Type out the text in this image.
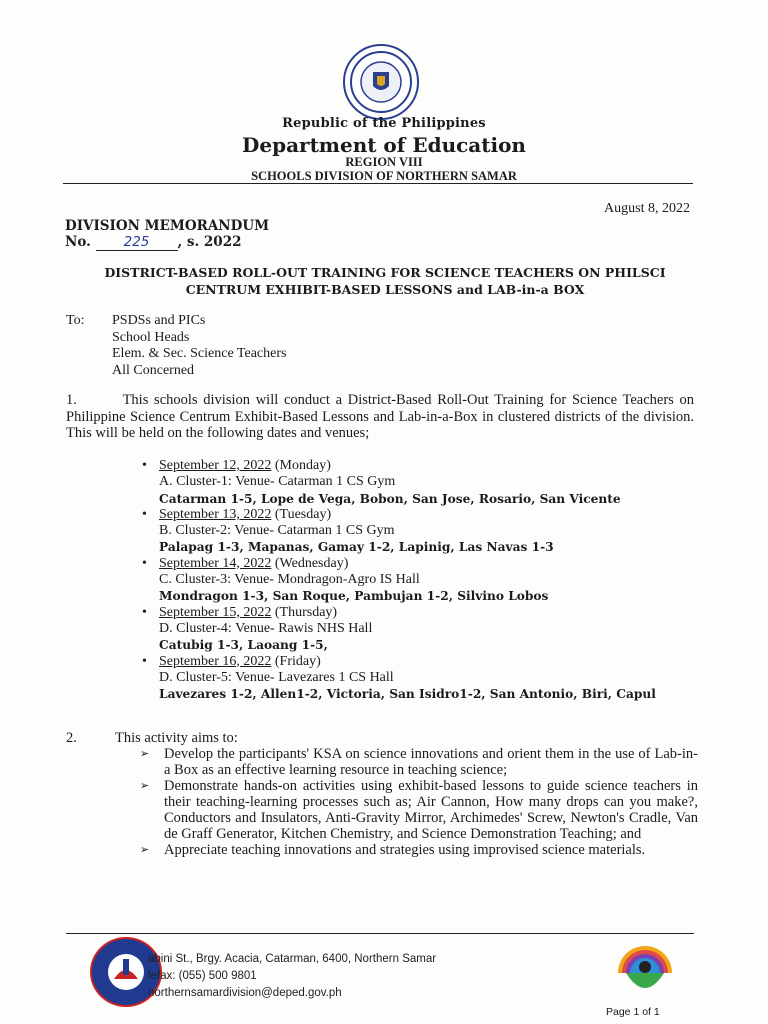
Republic of the Philippines
Department of Education
REGION VIII
SCHOOLS DIVISION OF NORTHERN SAMAR
August 8, 2022
DIVISION MEMORANDUM
No. 225 , s. 2022
DISTRICT-BASED ROLL-OUT TRAINING FOR SCIENCE TEACHERS ON PHILSCI
CENTRUM EXHIBIT-BASED LESSONS and LAB-in-a BOX
To: PSDSs and PICs
School Heads
Elem. & Sec. Science Teachers
All Concerned
1.	This schools division will conduct a District-Based Roll-Out Training for Science Teachers on Philippine Science Centrum Exhibit-Based Lessons and Lab-in-a-Box in clustered districts of the division. This will be held on the following dates and venues;
• September 12, 2022 (Monday)
A. Cluster-1: Venue- Catarman 1 CS Gym
Catarman 1-5, Lope de Vega, Bobon, San Jose, Rosario, San Vicente
• September 13, 2022 (Tuesday)
B. Cluster-2: Venue- Catarman 1 CS Gym
Palapag 1-3, Mapanas, Gamay 1-2, Lapinig, Las Navas 1-3
• September 14, 2022 (Wednesday)
C. Cluster-3: Venue- Mondragon-Agro IS Hall
Mondragon 1-3, San Roque, Pambujan 1-2, Silvino Lobos
• September 15, 2022 (Thursday)
D. Cluster-4: Venue- Rawis NHS Hall
Catubig 1-3, Laoang 1-5,
• September 16, 2022 (Friday)
D. Cluster-5: Venue- Lavezares 1 CS Hall
Lavezares 1-2, Allen1-2, Victoria, San Isidro1-2, San Antonio, Biri, Capul
2.	This activity aims to:
➢ Develop the participants' KSA on science innovations and orient them in the use of Lab-in-a Box as an effective learning resource in teaching science;
➢ Demonstrate hands-on activities using exhibit-based lessons to guide science teachers in their teaching-learning processes such as; Air Cannon, How many drops can you make?, Conductors and Insulators, Anti-Gravity Mirror, Archimedes' Screw, Newton's Cradle, Van de Graff Generator, Kitchen Chemistry, and Science Demonstration Teaching; and
➢ Appreciate teaching innovations and strategies using improvised science materials.
abini St., Brgy. Acacia, Catarman, 6400, Northern Samar
lefax: (055) 500 9801
northernsamardivision@deped.gov.ph
Page 1 of 1
